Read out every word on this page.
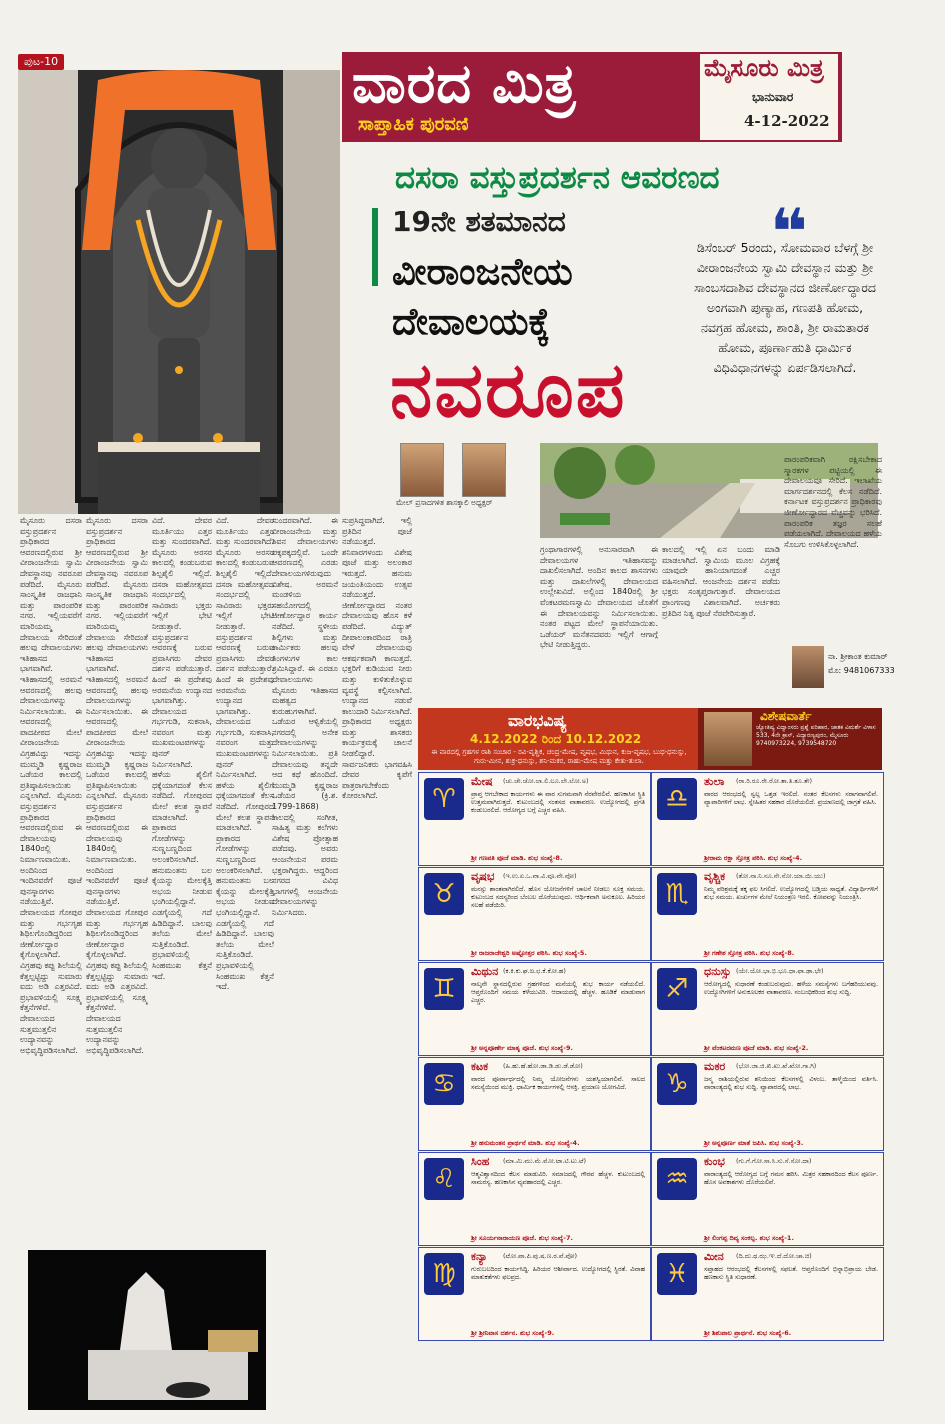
ಪುಟ-10	ವಾರದ ಮಿತ್ರ
ಸಾಪ್ತಾಹಿಕ ಪುರವಣಿ
ಮೈಸೂರು ಮಿತ್ರ
ಭಾನುವಾರ
4-12-2022
ದಸರಾ ವಸ್ತುಪ್ರದರ್ಶನ ಆವರಣದ
19ನೇ ಶತಮಾನದ
ವೀರಾಂಜನೇಯ
ದೇವಾಲಯಕ್ಕೆ
ನವರೂಪ
❝
ಡಿಸೆಂಬರ್ 5ರಂದು, ಸೋಮವಾರ ಬೆಳಗ್ಗೆ ಶ್ರೀ ವೀರಾಂಜನೇಯ ಸ್ವಾಮಿ ದೇವಸ್ಥಾನ ಮತ್ತು ಶ್ರೀ ಸಾಂಬಸದಾಶಿವ ದೇವಸ್ಥಾನದ ಜೀರ್ಣೋದ್ಧಾರದ ಅಂಗವಾಗಿ ಪುಣ್ಯಾಹ, ಗಣಪತಿ ಹೋಮ, ನವಗ್ರಹ ಹೋಮ, ಶಾಂತಿ, ಶ್ರೀ ರಾಮತಾರಕ ಹೋಮ, ಪೂರ್ಣಾಹುತಿ ಧಾರ್ಮಿಕ ವಿಧಿವಿಧಾನಗಳನ್ನು ಏರ್ಪಡಿಸಲಾಗಿದೆ.
ಮೇಲ್ ಪ್ರಸಾದಗಳಿತ ಶಾಸಕ್ಕಾಲಿ ಅಧ್ಯಕ್ಷರ್
ಮೈಸೂರು ದಸರಾ ವಸ್ತುಪ್ರದರ್ಶನ ಪ್ರಾಧಿಕಾರದ ಆವರಣದಲ್ಲಿರುವ ಶ್ರೀ ವೀರಾಂಜನೇಯ ಸ್ವಾಮಿ ದೇವಸ್ಥಾನವು ನವರೂಪ ಪಡೆದಿದೆ. ಮೈಸೂರು ಸಾಂಸ್ಕೃತಿಕ ರಾಜಧಾನಿ ಮತ್ತು ಪಾರಂಪರಿಕ ನಗರ. ಇಲ್ಲಿಯವರೆಗೆ ಮಾರಿಯಮ್ಮ ದೇವಾಲಯ ಸೇರಿದಂತೆ ಹಲವು ದೇವಾಲಯಗಳು ಇತಿಹಾಸದ ಭಾಗವಾಗಿವೆ. ಇತಿಹಾಸದಲ್ಲಿ ಅರಮನೆ ಆವರಣದಲ್ಲಿ ಹಲವು ದೇವಾಲಯಗಳನ್ನು ನಿರ್ಮಿಸಲಾಯಿತು. ಈ ಆವರಣದಲ್ಲಿ ಪಾದಪೀಠದ ಮೇಲೆ ವೀರಾಂಜನೇಯ ವಿಗ್ರಹವಿದ್ದು ಇದನ್ನು ಮುಮ್ಮಡಿ ಕೃಷ್ಣರಾಜ ಒಡೆಯರ ಕಾಲದಲ್ಲಿ ಪ್ರತಿಷ್ಠಾಪಿಸಲಾಯಿತು ಎನ್ನಲಾಗಿದೆ. ಮೈಸೂರು ವಸ್ತುಪ್ರದರ್ಶನ ಪ್ರಾಧಿಕಾರದ ಆವರಣದಲ್ಲಿರುವ ಈ ದೇವಾಲಯವು 1840ರಲ್ಲಿ ನಿರ್ಮಾಣವಾಯಿತು. ಅಂದಿನಿಂದ ಇಂದಿನವರೆಗೆ ಪೂಜೆ ಪುನಸ್ಕಾರಗಳು ನಡೆಯುತ್ತಿವೆ. ದೇವಾಲಯದ ಗೋಪುರ ಮತ್ತು ಗರ್ಭಗೃಹ ಶಿಥಿಲಗೊಂಡಿದ್ದರಿಂದ ಜೀರ್ಣೋದ್ಧಾರ ಕೈಗೊಳ್ಳಲಾಗಿದೆ. ವಿಗ್ರಹವು ಕಪ್ಪು ಶಿಲೆಯಲ್ಲಿ ಕೆತ್ತಲ್ಪಟ್ಟಿದ್ದು ಸುಮಾರು ಐದು ಅಡಿ ಎತ್ತರವಿದೆ. ಪ್ರಭಾವಳಿಯಲ್ಲಿ ಸೂಕ್ಷ್ಮ ಕೆತ್ತನೆಗಳಿವೆ. ದೇವಾಲಯದ ಸುತ್ತಮುತ್ತಲಿನ ಉದ್ಯಾನವನ್ನು ಅಭಿವೃದ್ಧಿಪಡಿಸಲಾಗಿದೆ.
ಮೈಸೂರು ದಸರಾ ವಸ್ತುಪ್ರದರ್ಶನ ಪ್ರಾಧಿಕಾರದ ಆವರಣದಲ್ಲಿರುವ ಶ್ರೀ ವೀರಾಂಜನೇಯ ಸ್ವಾಮಿ ದೇವಸ್ಥಾನವು ನವರೂಪ ಪಡೆದಿದೆ. ಮೈಸೂರು ಸಾಂಸ್ಕೃತಿಕ ರಾಜಧಾನಿ ಮತ್ತು ಪಾರಂಪರಿಕ ನಗರ. ಇಲ್ಲಿಯವರೆಗೆ ಮಾರಿಯಮ್ಮ ದೇವಾಲಯ ಸೇರಿದಂತೆ ಹಲವು ದೇವಾಲಯಗಳು ಇತಿಹಾಸದ ಭಾಗವಾಗಿವೆ. ಇತಿಹಾಸದಲ್ಲಿ ಅರಮನೆ ಆವರಣದಲ್ಲಿ ಹಲವು ದೇವಾಲಯಗಳನ್ನು ನಿರ್ಮಿಸಲಾಯಿತು. ಈ ಆವರಣದಲ್ಲಿ ಪಾದಪೀಠದ ಮೇಲೆ ವೀರಾಂಜನೇಯ ವಿಗ್ರಹವಿದ್ದು ಇದನ್ನು ಮುಮ್ಮಡಿ ಕೃಷ್ಣರಾಜ ಒಡೆಯರ ಕಾಲದಲ್ಲಿ ಪ್ರತಿಷ್ಠಾಪಿಸಲಾಯಿತು ಎನ್ನಲಾಗಿದೆ. ಮೈಸೂರು ವಸ್ತುಪ್ರದರ್ಶನ ಪ್ರಾಧಿಕಾರದ ಆವರಣದಲ್ಲಿರುವ ಈ ದೇವಾಲಯವು 1840ರಲ್ಲಿ ನಿರ್ಮಾಣವಾಯಿತು. ಅಂದಿನಿಂದ ಇಂದಿನವರೆಗೆ ಪೂಜೆ ಪುನಸ್ಕಾರಗಳು ನಡೆಯುತ್ತಿವೆ. ದೇವಾಲಯದ ಗೋಪುರ ಮತ್ತು ಗರ್ಭಗೃಹ ಶಿಥಿಲಗೊಂಡಿದ್ದರಿಂದ ಜೀರ್ಣೋದ್ಧಾರ ಕೈಗೊಳ್ಳಲಾಗಿದೆ. ವಿಗ್ರಹವು ಕಪ್ಪು ಶಿಲೆಯಲ್ಲಿ ಕೆತ್ತಲ್ಪಟ್ಟಿದ್ದು ಸುಮಾರು ಐದು ಅಡಿ ಎತ್ತರವಿದೆ. ಪ್ರಭಾವಳಿಯಲ್ಲಿ ಸೂಕ್ಷ್ಮ ಕೆತ್ತನೆಗಳಿವೆ. ದೇವಾಲಯದ ಸುತ್ತಮುತ್ತಲಿನ ಉದ್ಯಾನವನ್ನು ಅಭಿವೃದ್ಧಿಪಡಿಸಲಾಗಿದೆ.
ವಿದೆ. ದೇವರ ಮೂರ್ತಿಯು ಎತ್ತರ ಮತ್ತು ಸುಂದರವಾಗಿದೆ. ಮೈಸೂರು ಅರಸರ ಕಾಲದಲ್ಲಿ ಕಂಡುಬರುವ ಶಿಲ್ಪಶೈಲಿ ಇಲ್ಲಿದೆ. ದಸರಾ ಮಹೋತ್ಸವದ ಸಂದರ್ಭದಲ್ಲಿ ಸಾವಿರಾರು ಭಕ್ತರು ಇಲ್ಲಿಗೆ ಭೇಟಿ ನೀಡುತ್ತಾರೆ. ವಸ್ತುಪ್ರದರ್ಶನ ಆವರಣಕ್ಕೆ ಬರುವ ಪ್ರವಾಸಿಗರು ದೇವರ ದರ್ಶನ ಪಡೆಯುತ್ತಾರೆ. ಹಿಂದೆ ಈ ಪ್ರದೇಶವು ಅರಮನೆಯ ಉದ್ಯಾನದ ಭಾಗವಾಗಿತ್ತು. ದೇವಾಲಯದ ಗರ್ಭಗುಡಿ, ಸುಕನಾಸಿ, ನವರಂಗ ಮತ್ತು ಮುಖಮಂಟಪಗಳನ್ನು ಪುನರ್ ನಿರ್ಮಿಸಲಾಗಿದೆ. ಹಳೆಯ ಶೈಲಿಗೆ ಧಕ್ಕೆಯಾಗದಂತೆ ಕೆಲಸ ನಡೆದಿದೆ. ಗೋಪುರದ ಮೇಲೆ ಕಲಶ ಸ್ಥಾಪನೆ ಮಾಡಲಾಗಿದೆ. ಪ್ರಾಕಾರದ ಗೋಡೆಗಳನ್ನು ಸುಣ್ಣಬಣ್ಣದಿಂದ ಅಲಂಕರಿಸಲಾಗಿದೆ. ಹನುಮಂತನು ಬಲ ಕೈಯನ್ನು ಮೇಲಕ್ಕೆತ್ತಿ ಅಭಯ ನೀಡುವ ಭಂಗಿಯಲ್ಲಿದ್ದಾನೆ. ಎಡಗೈಯಲ್ಲಿ ಗದೆ ಹಿಡಿದಿದ್ದಾನೆ. ಬಾಲವು ತಲೆಯ ಮೇಲೆ ಸುತ್ತಿಕೊಂಡಿದೆ. ಪ್ರಭಾವಳಿಯಲ್ಲಿ ಸಿಂಹಮುಖ ಕೆತ್ತನೆ ಇದೆ.
ವಿದೆ. ದೇವರ ಮೂರ್ತಿಯು ಎತ್ತರ ಮತ್ತು ಸುಂದರವಾಗಿದೆ. ಮೈಸೂರು ಅರಸರ ಕಾಲದಲ್ಲಿ ಕಂಡುಬರುವ ಶಿಲ್ಪಶೈಲಿ ಇಲ್ಲಿದೆ. ದಸರಾ ಮಹೋತ್ಸವದ ಸಂದರ್ಭದಲ್ಲಿ ಸಾವಿರಾರು ಭಕ್ತರು ಇಲ್ಲಿಗೆ ಭೇಟಿ ನೀಡುತ್ತಾರೆ. ವಸ್ತುಪ್ರದರ್ಶನ ಆವರಣಕ್ಕೆ ಬರುವ ಪ್ರವಾಸಿಗರು ದೇವರ ದರ್ಶನ ಪಡೆಯುತ್ತಾರೆ. ಹಿಂದೆ ಈ ಪ್ರದೇಶವು ಅರಮನೆಯ ಉದ್ಯಾನದ ಭಾಗವಾಗಿತ್ತು. ದೇವಾಲಯದ ಗರ್ಭಗುಡಿ, ಸುಕನಾಸಿ, ನವರಂಗ ಮತ್ತು ಮುಖಮಂಟಪಗಳನ್ನು ಪುನರ್ ನಿರ್ಮಿಸಲಾಗಿದೆ. ಹಳೆಯ ಶೈಲಿಗೆ ಧಕ್ಕೆಯಾಗದಂತೆ ಕೆಲಸ ನಡೆದಿದೆ. ಗೋಪುರದ ಮೇಲೆ ಕಲಶ ಸ್ಥಾಪನೆ ಮಾಡಲಾಗಿದೆ. ಪ್ರಾಕಾರದ ಗೋಡೆಗಳನ್ನು ಸುಣ್ಣಬಣ್ಣದಿಂದ ಅಲಂಕರಿಸಲಾಗಿದೆ. ಹನುಮಂತನು ಬಲ ಕೈಯನ್ನು ಮೇಲಕ್ಕೆತ್ತಿ ಅಭಯ ನೀಡುವ ಭಂಗಿಯಲ್ಲಿದ್ದಾನೆ. ಎಡಗೈಯಲ್ಲಿ ಗದೆ ಹಿಡಿದಿದ್ದಾನೆ. ಬಾಲವು ತಲೆಯ ಮೇಲೆ ಸುತ್ತಿಕೊಂಡಿದೆ. ಪ್ರಭಾವಳಿಯಲ್ಲಿ ಸಿಂಹಮುಖ ಕೆತ್ತನೆ ಇದೆ.
ಸುಂದರವಾಗಿದೆ. ಈ ವೀರಾಂಜನೇಯ ಮತ್ತು ಶಿವನ ದೇವಾಲಯಗಳು ಪಕ್ಕಪಕ್ಕದಲ್ಲಿವೆ. ಒಂದೇ ಆವರಣದಲ್ಲಿ ಎರಡು ದೇವಾಲಯಗಳಿರುವುದು ವಿಶೇಷ. ಅರಮನೆ ಮಂಡಳಿಯ ಸಹಯೋಗದಲ್ಲಿ ಜೀರ್ಣೋದ್ಧಾರ ಕಾರ್ಯ ನಡೆದಿದೆ. ಸ್ಥಳೀಯ ಶಿಲ್ಪಿಗಳು ಮತ್ತು ಕಾರ್ಮಿಕರು ಹಲವು ತಿಂಗಳುಗಳ ಕಾಲ ಶ್ರಮಿಸಿದ್ದಾರೆ. ಈ ಎರಡೂ ದೇವಾಲಯಗಳು ಮೈಸೂರು ಇತಿಹಾಸದ ಮಹತ್ವದ ಕುರುಹುಗಳಾಗಿವೆ. ಒಡೆಯರ ಆಳ್ವಿಕೆಯಲ್ಲಿ ನಗರದಲ್ಲಿ ಅನೇಕ ದೇವಾಲಯಗಳನ್ನು ನಿರ್ಮಿಸಲಾಯಿತು. ಪ್ರತಿ ದೇವಾಲಯವು ತನ್ನದೇ ಆದ ಕಥೆ ಹೊಂದಿದೆ. ಮುಮ್ಮಡಿ ಕೃಷ್ಣರಾಜ ಒಡೆಯರ (ಕ್ರಿ.ಶ. 1799-1868) ಕಾಲದಲ್ಲಿ ಸಂಗೀತ, ಸಾಹಿತ್ಯ ಮತ್ತು ಕಲೆಗಳು ವಿಶೇಷ ಪ್ರೋತ್ಸಾಹ ಪಡೆದವು. ಅವರು ಆಂಜನೇಯನ ಪರಮ ಭಕ್ತರಾಗಿದ್ದರು. ಆದ್ದರಿಂದ ನಗರದ ವಿವಿಧ ಭಾಗಗಳಲ್ಲಿ ಆಂಜನೇಯ ದೇವಾಲಯಗಳನ್ನು ನಿರ್ಮಿಸಿದರು.
ಸುಪ್ರಸಿದ್ಧವಾಗಿದೆ. ಇಲ್ಲಿ ಪ್ರತಿದಿನ ಪೂಜೆ ನಡೆಯುತ್ತದೆ. ಶನಿವಾರಗಳಂದು ವಿಶೇಷ ಪೂಜೆ ಮತ್ತು ಅಲಂಕಾರ ಇರುತ್ತದೆ. ಹನುಮ ಜಯಂತಿಯಂದು ಉತ್ಸವ ನಡೆಯುತ್ತದೆ. ಜೀರ್ಣೋದ್ಧಾರದ ನಂತರ ದೇವಾಲಯವು ಹೊಸ ಕಳೆ ಪಡೆದಿದೆ. ವಿದ್ಯುತ್ ದೀಪಾಲಂಕಾರದಿಂದ ರಾತ್ರಿ ವೇಳೆ ದೇವಾಲಯವು ಆಕರ್ಷಕವಾಗಿ ಕಾಣುತ್ತದೆ. ಭಕ್ತರಿಗೆ ಕುಡಿಯುವ ನೀರು ಮತ್ತು ಕುಳಿತುಕೊಳ್ಳುವ ವ್ಯವಸ್ಥೆ ಕಲ್ಪಿಸಲಾಗಿದೆ. ಉದ್ಯಾನದ ನಡುವೆ ಕಾಲುದಾರಿ ನಿರ್ಮಿಸಲಾಗಿದೆ. ಪ್ರಾಧಿಕಾರದ ಅಧ್ಯಕ್ಷರು ಮತ್ತು ಶಾಸಕರು ಕಾರ್ಯಕ್ರಮಕ್ಕೆ ಚಾಲನೆ ನೀಡಲಿದ್ದಾರೆ. ಸಾರ್ವಜನಿಕರು ಭಾಗವಹಿಸಿ ದೇವರ ಕೃಪೆಗೆ ಪಾತ್ರರಾಗಬೇಕೆಂದು ಕೋರಲಾಗಿದೆ.
ಗ್ರಂಥಾಗಾರಗಳಲ್ಲಿ ಅನುಸಾರವಾಗಿ ಈ ದೇವಾಲಯಗಳ ಇತಿಹಾಸವನ್ನು ದಾಖಲಿಸಲಾಗಿದೆ. ಅಂದಿನ ಕಾಲದ ಶಾಸನಗಳು ಮತ್ತು ದಾಖಲೆಗಳಲ್ಲಿ ದೇವಾಲಯದ ಉಲ್ಲೇಖವಿದೆ. ಅಲ್ಲಿಂದ 1840ರಲ್ಲಿ ಶ್ರೀ ವೆಂಕಟರಮಣಸ್ವಾಮಿ ದೇವಾಲಯದ ಜೊತೆಗೆ ಈ ದೇವಾಲಯವನ್ನು ನಿರ್ಮಿಸಲಾಯಿತು. ನಂತರ ಪಟ್ಟದ ಮೇಲೆ ಸ್ಥಾಪನೆಯಾಯಿತು. ಒಡೆಯರ್ ಮನೆತನದವರು ಇಲ್ಲಿಗೆ ಆಗಾಗ್ಗೆ ಭೇಟಿ ನೀಡುತ್ತಿದ್ದರು.
ಕಾಲದಲ್ಲಿ ಇಲ್ಲಿ ಏನ ಬಂದು ಮಾಡಿ ಮಾಡಲಾಗಿದೆ. ಸ್ವಾಮಿಯ ಮೂಲ ವಿಗ್ರಹಕ್ಕೆ ಯಾವುದೇ ಹಾನಿಯಾಗದಂತೆ ಎಚ್ಚರ ವಹಿಸಲಾಗಿದೆ. ಆಂಜನೇಯ ದರ್ಶನ ಪಡೆದು ಭಕ್ತರು ಸಂತೃಪ್ತರಾಗುತ್ತಾರೆ. ದೇವಾಲಯದ ಪ್ರಾಂಗಣವು ವಿಶಾಲವಾಗಿದೆ. ಅರ್ಚಕರು ಪ್ರತಿದಿನ ನಿತ್ಯ ಪೂಜೆ ನೆರವೇರಿಸುತ್ತಾರೆ.
ಪಾರಂಪರಿಕವಾಗಿ ರಕ್ಷಿಸಬೇಕಾದ ಸ್ಮಾರಕಗಳ ಪಟ್ಟಿಯಲ್ಲಿ ಈ ದೇವಾಲಯವೂ ಸೇರಿದೆ. ಇಲಾಖೆಯ ಮಾರ್ಗದರ್ಶನದಲ್ಲಿ ಕೆಲಸ ನಡೆದಿದೆ. ಕರ್ನಾಟಕ ವಸ್ತುಪ್ರದರ್ಶನ ಪ್ರಾಧಿಕಾರವು ಜೀರ್ಣೋದ್ಧಾರದ ವೆಚ್ಚವನ್ನು ಭರಿಸಿದೆ. ಪಾರಂಪರಿಕ ತಜ್ಞರ ಸಲಹೆ ಪಡೆಯಲಾಗಿದೆ. ದೇವಾಲಯದ ಹಳೆಯ ಸೊಬಗು ಉಳಿಸಿಕೊಳ್ಳಲಾಗಿದೆ.
ನಾ. ಶ್ರೀಕಾಂತ ಕುಮಾರ್
ಮೊ: 9481067333
ವಾರಭವಿಷ್ಯ
4.12.2022 ರಿಂದ 10.12.2022
ಈ ವಾರದಲ್ಲಿ ಗ್ರಹಗಳ ರಾಶಿ ಸಂಚಾರ - ರವಿ-ವೃಶ್ಚಿಕ, ಚಂದ್ರ-ಮೇಷ, ವೃಷಭ, ಮಿಥುನ, ಕುಜ-ವೃಷಭ, ಬುಧ-ಧನುಸ್ಸು, ಗುರು-ಮೀನ, ಶುಕ್ರ-ಧನುಸ್ಸು, ಶನಿ-ಮಕರ, ರಾಹು-ಮೇಷ ಮತ್ತು ಕೇತು-ತುಲಾ.
ವಿಶೇಷವಾರ್ತೆ
ಜ್ಯೋತಿಷ್ಯ ವಿದ್ವಾಂಸರು ಪ್ರಶ್ನೆ ಪರಿಹಾರ, ಜಾತಕ ವಿಮರ್ಶೆ ವಿಳಾಸ 533, 4ನೇ ಕ್ರಾಸ್, ವಿದ್ಯಾರಣ್ಯಪುರಂ, ಮೈಸೂರು 9740973224, 9739548720
♈
ಮೇಷ (ಚು.ಚೇ.ಚೋ.ಲಾ.ಲಿ.ಲೂ.ಲೇ.ಲೋ.ಅ)
ಪ್ರಾಪ್ತ ಆಗಬೇಕಾದ ಕಾರ್ಯಗಳು ಈ ವಾರ ಸುಗಮವಾಗಿ ನೆರವೇರಲಿವೆ. ಹಣಕಾಸಿನ ಸ್ಥಿತಿ ಉತ್ತಮವಾಗಿರುತ್ತದೆ. ಕುಟುಂಬದಲ್ಲಿ ಸಂತಸದ ವಾತಾವರಣ. ಉದ್ಯೋಗದಲ್ಲಿ ಪ್ರಗತಿ ಕಂಡುಬರಲಿದೆ. ಆರೋಗ್ಯದ ಬಗ್ಗೆ ಎಚ್ಚರ ವಹಿಸಿ.
ಶ್ರೀ ಗಣಪತಿ ಪೂಜೆ ಮಾಡಿ. ಶುಭ ಸಂಖ್ಯೆ-8.
♎
ತುಲಾ (ರಾ.ರಿ.ರೂ.ರೇ.ರೋ.ತಾ.ತಿ.ತೂ.ತೇ)
ವಾರದ ಆರಂಭದಲ್ಲಿ ಸ್ವಲ್ಪ ಒತ್ತಡ ಇರಲಿದೆ. ನಂತರ ಕೆಲಸಗಳು ಸರಾಗವಾಗಲಿವೆ. ವ್ಯಾಪಾರಿಗಳಿಗೆ ಲಾಭ. ಸ್ನೇಹಿತರ ಸಹಕಾರ ದೊರೆಯಲಿದೆ. ಪ್ರಯಾಣದಲ್ಲಿ ಜಾಗ್ರತೆ ವಹಿಸಿ.
ಶ್ರೀರಾಮ ರಕ್ಷಾ ಸ್ತೋತ್ರ ಪಠಿಸಿ. ಶುಭ ಸಂಖ್ಯೆ-4.
♉
ವೃಷಭ (ಇ.ಉ.ಏ.ಒ.ವಾ.ವಿ.ವೂ.ವೇ.ವೋ)
ಮನಸ್ಸು ಶಾಂತವಾಗಿರಲಿದೆ. ಹೊಸ ಯೋಜನೆಗಳಿಗೆ ಚಾಲನೆ ನೀಡಲು ಸೂಕ್ತ ಸಮಯ. ಕುಟುಂಬದ ಸದಸ್ಯರಿಂದ ಬೆಂಬಲ ದೊರೆಯುವುದು. ಆರ್ಥಿಕವಾಗಿ ಅನುಕೂಲ. ಹಿರಿಯರ ಸಲಹೆ ಪಡೆಯಿರಿ.
ಶ್ರೀ ರಾಜರಾಜೇಶ್ವರಿ ಅಷ್ಟೋತ್ತರ ಪಠಿಸಿ. ಶುಭ ಸಂಖ್ಯೆ-5.
♏
ವೃಶ್ಚಿಕ (ತೋ.ನಾ.ನಿ.ನೂ.ನೇ.ನೋ.ಯಾ.ಯಿ.ಯು)
ನಿಮ್ಮ ಪರಿಶ್ರಮಕ್ಕೆ ತಕ್ಕ ಫಲ ಸಿಗಲಿದೆ. ಉದ್ಯೋಗದಲ್ಲಿ ಬಡ್ತಿಯ ಸಾಧ್ಯತೆ. ವಿದ್ಯಾರ್ಥಿಗಳಿಗೆ ಶುಭ ಸಮಯ. ಖರ್ಚುಗಳ ಮೇಲೆ ನಿಯಂತ್ರಣ ಇರಲಿ. ಕೋಪವನ್ನು ನಿಯಂತ್ರಿಸಿ.
ಶ್ರೀ ಗಣೇಶ ಸ್ತೋತ್ರ ಪಠಿಸಿ. ಶುಭ ಸಂಖ್ಯೆ-8.
♊
ಮಿಥುನ (ಕ.ಕಿ.ಕು.ಘ.ಙ.ಛ.ಕೆ.ಕೋ.ಹ)
ನಾಲ್ಕನೇ ಸ್ಥಾನದಲ್ಲಿರುವ ಗ್ರಹಗಳಿಂದ ಮನೆಯಲ್ಲಿ ಶುಭ ಕಾರ್ಯ ನಡೆಯಲಿದೆ. ಆಪ್ತರೊಂದಿಗೆ ಸಮಯ ಕಳೆಯುವಿರಿ. ಆದಾಯದಲ್ಲಿ ಹೆಚ್ಚಳ. ಹೂಡಿಕೆ ಮಾಡುವಾಗ ಎಚ್ಚರ.
ಶ್ರೀ ಅನ್ನಪೂರ್ಣೇ ಮಾತೃ ಪೂಜೆ. ಶುಭ ಸಂಖ್ಯೆ-9.
♐
ಧನುಸ್ಸು (ಯೇ.ಯೋ.ಭಾ.ಭಿ.ಭೂ.ಧಾ.ಫಾ.ಢಾ.ಭೇ)
ಆರೋಗ್ಯದಲ್ಲಿ ಸುಧಾರಣೆ ಕಂಡುಬರುವುದು. ಹಳೆಯ ಸಮಸ್ಯೆಗಳು ಬಗೆಹರಿಯುವವು. ಉದ್ಯೋಗಿಗಳಿಗೆ ಅನುಕೂಲಕರ ವಾತಾವರಣ. ಸಂಬಂಧಿಕರಿಂದ ಶುಭ ಸುದ್ದಿ.
ಶ್ರೀ ವೆಂಕಟರಮಣ ಪೂಜೆ ಮಾಡಿ. ಶುಭ ಸಂಖ್ಯೆ-2.
♋
ಕಟಕ (ಹಿ.ಹು.ಹೆ.ಹೋ.ಡಾ.ಡಿ.ಡು.ಡೆ.ಡೋ)
ವಾರದ ಪೂರ್ವಾರ್ಧದಲ್ಲಿ ನಿಮ್ಮ ಯೋಜನೆಗಳು ಯಶಸ್ವಿಯಾಗಲಿವೆ. ಸಾಲದ ಸಮಸ್ಯೆಯಿಂದ ಮುಕ್ತಿ. ಧಾರ್ಮಿಕ ಕಾರ್ಯಗಳಲ್ಲಿ ಆಸಕ್ತಿ. ಪ್ರಯಾಣ ಯೋಗವಿದೆ.
ಶ್ರೀ ಹನುಮಂತನ ಪ್ರಾರ್ಥನೆ ಮಾಡಿ. ಶುಭ ಸಂಖ್ಯೆ-4.
♑
ಮಕರ (ಭೋ.ಜಾ.ಜಿ.ಖಿ.ಖು.ಖೆ.ಖೋ.ಗಾ.ಗಿ)
ಜನ್ಮ ರಾಶಿಯಲ್ಲಿರುವ ಶನಿಯಿಂದ ಕೆಲಸಗಳಲ್ಲಿ ವಿಳಂಬ. ತಾಳ್ಮೆಯಿಂದ ವರ್ತಿಸಿ. ವಾರಾಂತ್ಯದಲ್ಲಿ ಶುಭ ಸುದ್ದಿ. ವ್ಯಾಪಾರದಲ್ಲಿ ಲಾಭ.
ಶ್ರೀ ಅನ್ನಪೂರ್ಣ ಮಾತೆ ಜಪಿಸಿ. ಶುಭ ಸಂಖ್ಯೆ-3.
♌
ಸಿಂಹ (ಮಾ.ಮಿ.ಮು.ಮೆ.ಮೋ.ಟಾ.ಟಿ.ಟು.ಟೆ)
ಆತ್ಮವಿಶ್ವಾಸದಿಂದ ಕೆಲಸ ಮಾಡುವಿರಿ. ಸಮಾಜದಲ್ಲಿ ಗೌರವ ಹೆಚ್ಚಳ. ಕುಟುಂಬದಲ್ಲಿ ಸಾಮರಸ್ಯ. ಹಣಕಾಸಿನ ವ್ಯವಹಾರದಲ್ಲಿ ಎಚ್ಚರ.
ಶ್ರೀ ಸೂರ್ಯನಾರಾಯಣ ಪೂಜೆ. ಶುಭ ಸಂಖ್ಯೆ-7.
♒
ಕುಂಭ (ಗು.ಗೆ.ಗೋ.ಸಾ.ಸಿ.ಸು.ಸೆ.ಸೋ.ದಾ)
ವಾರಾಂತ್ಯದಲ್ಲಿ ಆರೋಗ್ಯದ ಬಗ್ಗೆ ಗಮನ ಹರಿಸಿ. ಮಿತ್ರರ ಸಹಕಾರದಿಂದ ಕೆಲಸ ಪೂರ್ಣ. ಹೊಸ ಅವಕಾಶಗಳು ದೊರೆಯಲಿವೆ.
ಶ್ರೀ ಲಿಂಗಪ್ಪ ದಿವ್ಯ ಸಂಕಲ್ಪ. ಶುಭ ಸಂಖ್ಯೆ-1.
♍
ಕನ್ಯಾ (ಟೋ.ಪಾ.ಪಿ.ಪು.ಷ.ಣ.ಠ.ಪೆ.ಪೋ)
ಗುರುಬಲದಿಂದ ಕಾರ್ಯಸಿದ್ಧಿ. ಹಿರಿಯರ ಆಶೀರ್ವಾದ. ಉದ್ಯೋಗದಲ್ಲಿ ಸ್ಥಿರತೆ. ವಿವಾಹ ಮಾತುಕತೆಗಳು ಫಲಪ್ರದ.
ಶ್ರೀ ಶ್ರೀನಿವಾಸ ದರ್ಶನ. ಶುಭ ಸಂಖ್ಯೆ-9.
♓
ಮೀನ (ದಿ.ದು.ಥ.ಝ.ಞ.ದೆ.ದೋ.ಚಾ.ಚಿ)
ಸಪ್ತಾಹದ ಆರಂಭದಲ್ಲಿ ಕೆಲಸಗಳಲ್ಲಿ ಸಫಲತೆ. ಆಪ್ತರೊಂದಿಗೆ ಭಿನ್ನಾಭಿಪ್ರಾಯ ಬೇಡ. ಹಣಕಾಸು ಸ್ಥಿತಿ ಸುಧಾರಣೆ.
ಶ್ರೀ ಶಿಶುಪಾಲ ಪ್ರಾರ್ಥನೆ. ಶುಭ ಸಂಖ್ಯೆ-6.
